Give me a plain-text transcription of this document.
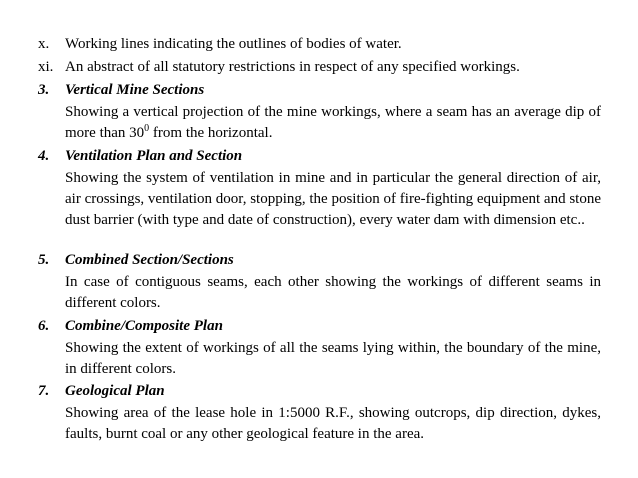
x. Working lines indicating the outlines of bodies of water.
xi. An abstract of all statutory restrictions in respect of any specified workings.
3. Vertical Mine Sections
Showing a vertical projection of the mine workings, where a seam has an average dip of more than $30^0$ from the horizontal.
4. Ventilation Plan and Section
Showing the system of ventilation in mine and in particular the general direction of air, air crossings, ventilation door, stopping, the position of fire-fighting equipment and stone dust barrier (with type and date of construction), every water dam with dimension etc..
5. Combined Section/Sections
In case of contiguous seams, each other showing the workings of different seams in different colors.
6. Combine/Composite Plan
Showing the extent of workings of all the seams lying within, the boundary of the mine, in different colors.
7. Geological Plan
Showing area of the lease hole in 1:5000 R.F., showing outcrops, dip direction, dykes, faults, burnt coal or any other geological feature in the area.
